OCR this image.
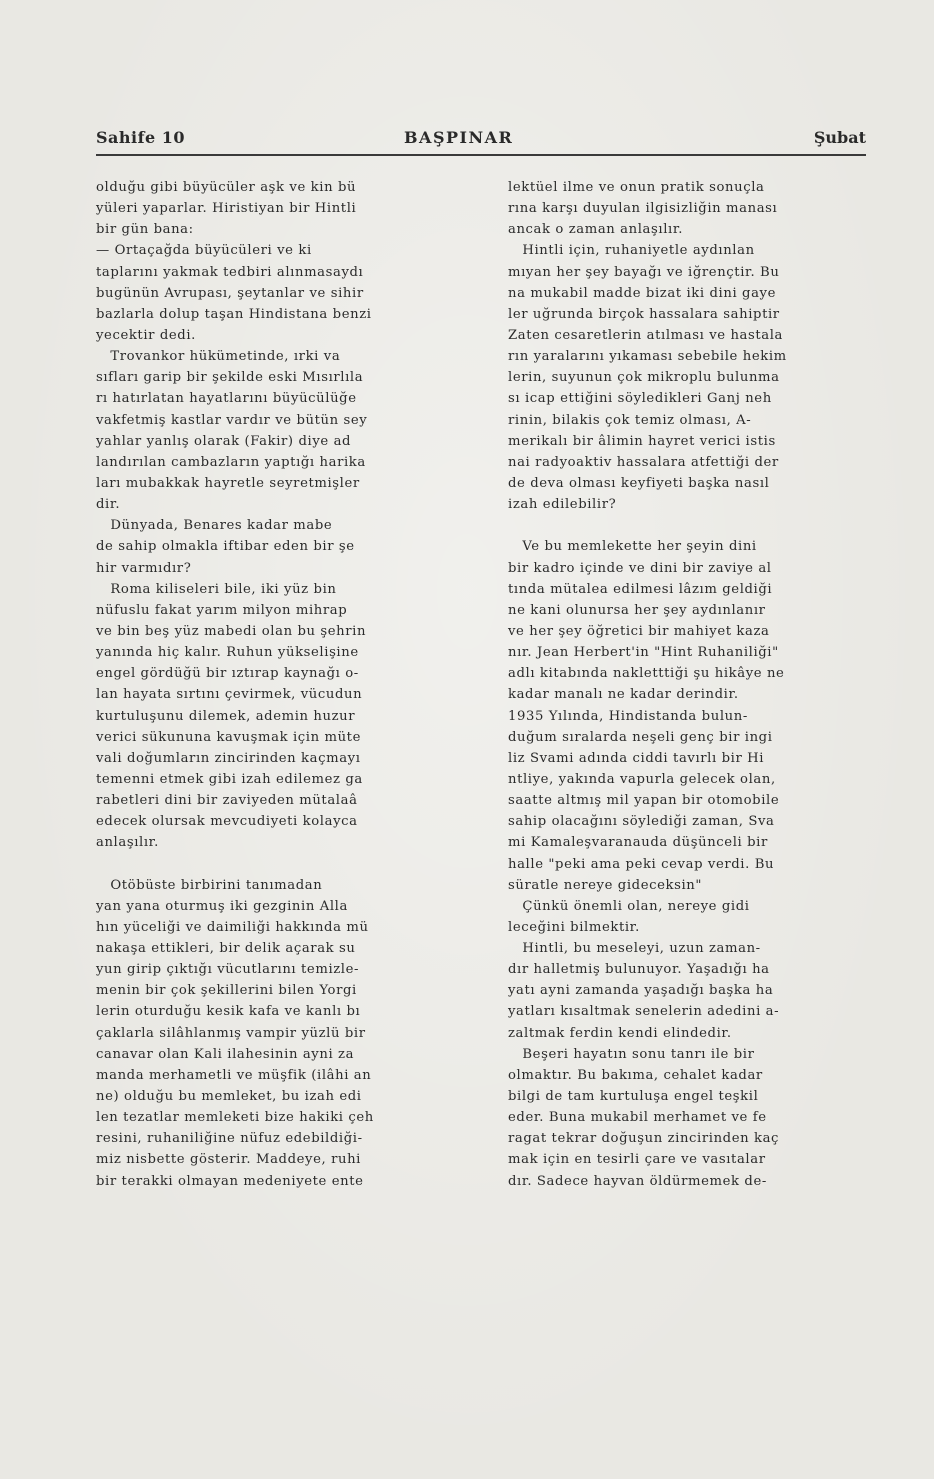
Sahife 10	BAŞPINAR	Şubat
olduğu gibi büyücüler aşk ve kin bü
yüleri yaparlar. Hiristiyan bir Hintli
bir gün bana:
— Ortaçağda büyücüleri ve ki
taplarını yakmak tedbiri alınmasaydı
bugünün Avrupası, şeytanlar ve sihir
bazlarla dolup taşan Hindistana benzi
yecektir dedi.
Trovankor hükümetinde, ırki va
sıfları garip bir şekilde eski Mısırlıla
rı hatırlatan hayatlarını büyücülüğe
vakfetmiş kastlar vardır ve bütün sey
yahlar yanlış olarak (Fakir) diye ad
landırılan cambazların yaptığı harika
ları mubakkak hayretle seyretmişler
dir.
Dünyada, Benares kadar mabe
de sahip olmakla iftibar eden bir şe
hir varmıdır?
Roma kiliseleri bile, iki yüz bin
nüfuslu fakat yarım milyon mihrap
ve bin beş yüz mabedi olan bu şehrin
yanında hiç kalır. Ruhun yükselişine
engel gördüğü bir ıztırap kaynağı o-
lan hayata sırtını çevirmek, vücudun
kurtuluşunu dilemek, ademin huzur
verici sükununa kavuşmak için müte
vali doğumların zincirinden kaçmayı
temenni etmek gibi izah edilemez ga
rabetleri dini bir zaviyeden mütalaâ
edecek olursak mevcudiyeti kolayca
anlaşılır.
Otöbüste birbirini tanımadan
yan yana oturmuş iki gezginin Alla
hın yüceliği ve daimiliği hakkında mü
nakaşa ettikleri, bir delik açarak su
yun girip çıktığı vücutlarını temizle-
menin bir çok şekillerini bilen Yorgi
lerin oturduğu kesik kafa ve kanlı bı
çaklarla silâhlanmış vampir yüzlü bir
canavar olan Kali ilahesinin ayni za
manda merhametli ve müşfik (ilâhi an
ne) olduğu bu memleket, bu izah edi
len tezatlar memleketi bize hakiki çeh
resini, ruhaniliğine nüfuz edebildiği-
miz nisbette gösterir. Maddeye, ruhi
bir terakki olmayan medeniyete ente
lektüel ilme ve onun pratik sonuçla
rına karşı duyulan ilgisizliğin manası
ancak o zaman anlaşılır.
Hintli için, ruhaniyetle aydınlan
mıyan her şey bayağı ve iğrençtir. Bu
na mukabil madde bizat iki dini gaye
ler uğrunda birçok hassalara sahiptir
Zaten cesaretlerin atılması ve hastala
rın yaralarını yıkaması sebebile hekim
lerin, suyunun çok mikroplu bulunma
sı icap ettiğini söyledikleri Ganj neh
rinin, bilakis çok temiz olması, A-
merikalı bir âlimin hayret verici istis
nai radyoaktiv hassalara atfettiği der
de deva olması keyfiyeti başka nasıl
izah edilebilir?
Ve bu memlekette her şeyin dini
bir kadro içinde ve dini bir zaviye al
tında mütalea edilmesi lâzım geldiği
ne kani olunursa her şey aydınlanır
ve her şey öğretici bir mahiyet kaza
nır. Jean Herbert'in "Hint Ruhaniliği"
adlı kitabında nakletttiği şu hikâye ne
kadar manalı ne kadar derindir.
1935 Yılında, Hindistanda bulun-
duğum sıralarda neşeli genç bir ingi
liz Svami adında ciddi tavırlı bir Hi
ntliye, yakında vapurla gelecek olan,
saatte altmış mil yapan bir otomobile
sahip olacağını söylediği zaman, Sva
mi Kamaleşvaranauda düşünceli bir
halle "peki ama peki cevap verdi. Bu
süratle nereye gideceksin"
Çünkü önemli olan, nereye gidi
leceğini bilmektir.
Hintli, bu meseleyi, uzun zaman-
dır halletmiş bulunuyor. Yaşadığı ha
yatı ayni zamanda yaşadığı başka ha
yatları kısaltmak senelerin adedini a-
zaltmak ferdin kendi elindedir.
Beşeri hayatın sonu tanrı ile bir
olmaktır. Bu bakıma, cehalet kadar
bilgi de tam kurtuluşa engel teşkil
eder. Buna mukabil merhamet ve fe
ragat tekrar doğuşun zincirinden kaç
mak için en tesirli çare ve vasıtalar
dır. Sadece hayvan öldürmemek de-
